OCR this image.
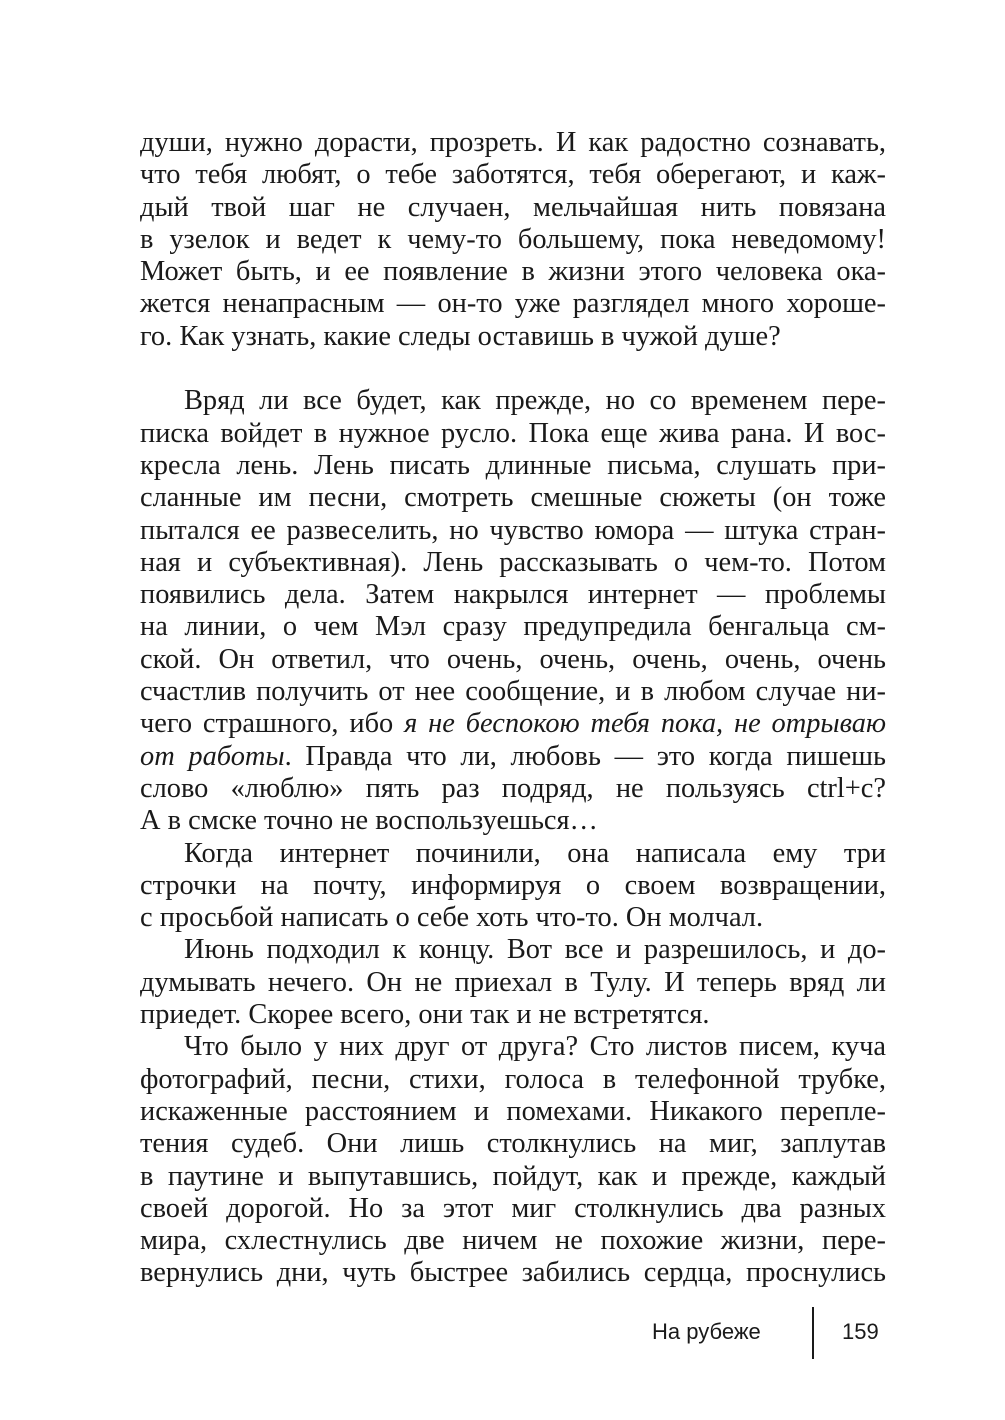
души, нужно дорасти, прозреть. И как радостно сознавать,
что тебя любят, о тебе заботятся, тебя оберегают, и каж-
дый твой шаг не случаен, мельчайшая нить повязана
в узелок и ведет к чему-то большему, пока неведомому!
Может быть, и ее появление в жизни этого человека ока-
жется ненапрасным — он-то уже разглядел много хороше-
го. Как узнать, какие следы оставишь в чужой душе?
Вряд ли все будет, как прежде, но со временем пере-
писка войдет в нужное русло. Пока еще жива рана. И вос-
кресла лень. Лень писать длинные письма, слушать при-
сланные им песни, смотреть смешные сюжеты (он тоже
пытался ее развеселить, но чувство юмора — штука стран-
ная и субъективная). Лень рассказывать о чем-то. Потом
появились дела. Затем накрылся интернет — проблемы
на линии, о чем Мэл сразу предупредила бенгальца см-
ской. Он ответил, что очень, очень, очень, очень, очень
счастлив получить от нее сообщение, и в любом случае ни-
чего страшного, ибо я не беспокою тебя пока, не отрываю
от работы. Правда что ли, любовь — это когда пишешь
слово «люблю» пять раз подряд, не пользуясь ctrl+c?
А в смске точно не воспользуешься…
Когда интернет починили, она написала ему три
строчки на почту, информируя о своем возвращении,
с просьбой написать о себе хоть что-то. Он молчал.
Июнь подходил к концу. Вот все и разрешилось, и до-
думывать нечего. Он не приехал в Тулу. И теперь вряд ли
приедет. Скорее всего, они так и не встретятся.
Что было у них друг от друга? Сто листов писем, куча
фотографий, песни, стихи, голоса в телефонной трубке,
искаженные расстоянием и помехами. Никакого перепле-
тения судеб. Они лишь столкнулись на миг, заплутав
в паутине и выпутавшись, пойдут, как и прежде, каждый
своей дорогой. Но за этот миг столкнулись два разных
мира, схлестнулись две ничем не похожие жизни, пере-
вернулись дни, чуть быстрее забились сердца, проснулись
На рубеже	159
